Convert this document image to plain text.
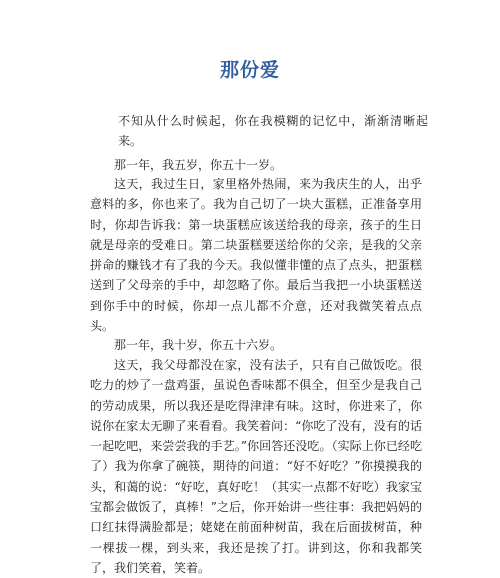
那份爱

不知从什么时候起，你在我模糊的记忆中，渐渐清晰起来。

那一年，我五岁，你五十一岁。

这天，我过生日，家里格外热闹，来为我庆生的人，出乎意料的多，你也来了。我为自己切了一块大蛋糕，正准备享用时，你却告诉我：第一块蛋糕应该送给我的母亲，孩子的生日就是母亲的受难日。第二块蛋糕要送给你的父亲，是我的父亲拼命的赚钱才有了我的今天。我似懂非懂的点了点头，把蛋糕送到了父母亲的手中，却忽略了你。最后当我把一小块蛋糕送到你手中的时候，你却一点儿都不介意，还对我微笑着点点头。

那一年，我十岁，你五十六岁。

这天，我父母都没在家，没有法子，只有自己做饭吃。很吃力的炒了一盘鸡蛋，虽说色香味都不俱全，但至少是我自己的劳动成果，所以我还是吃得津津有味。这时，你进来了，你说你在家太无聊了来看看。我笑着问：“你吃了没有，没有的话一起吃吧，来尝尝我的手艺。”你回答还没吃。（实际上你已经吃了）我为你拿了碗筷，期待的问道：“好不好吃？”你摸摸我的头，和蔼的说：“好吃，真好吃！（其实一点都不好吃）我家宝宝都会做饭了，真棒！”之后，你开始讲一些往事：我把妈妈的口红抹得满脸都是；姥姥在前面种树苗，我在后面拔树苗，种一棵拔一棵，到头来，我还是挨了打。讲到这，你和我都笑了，我们笑着，笑着。
